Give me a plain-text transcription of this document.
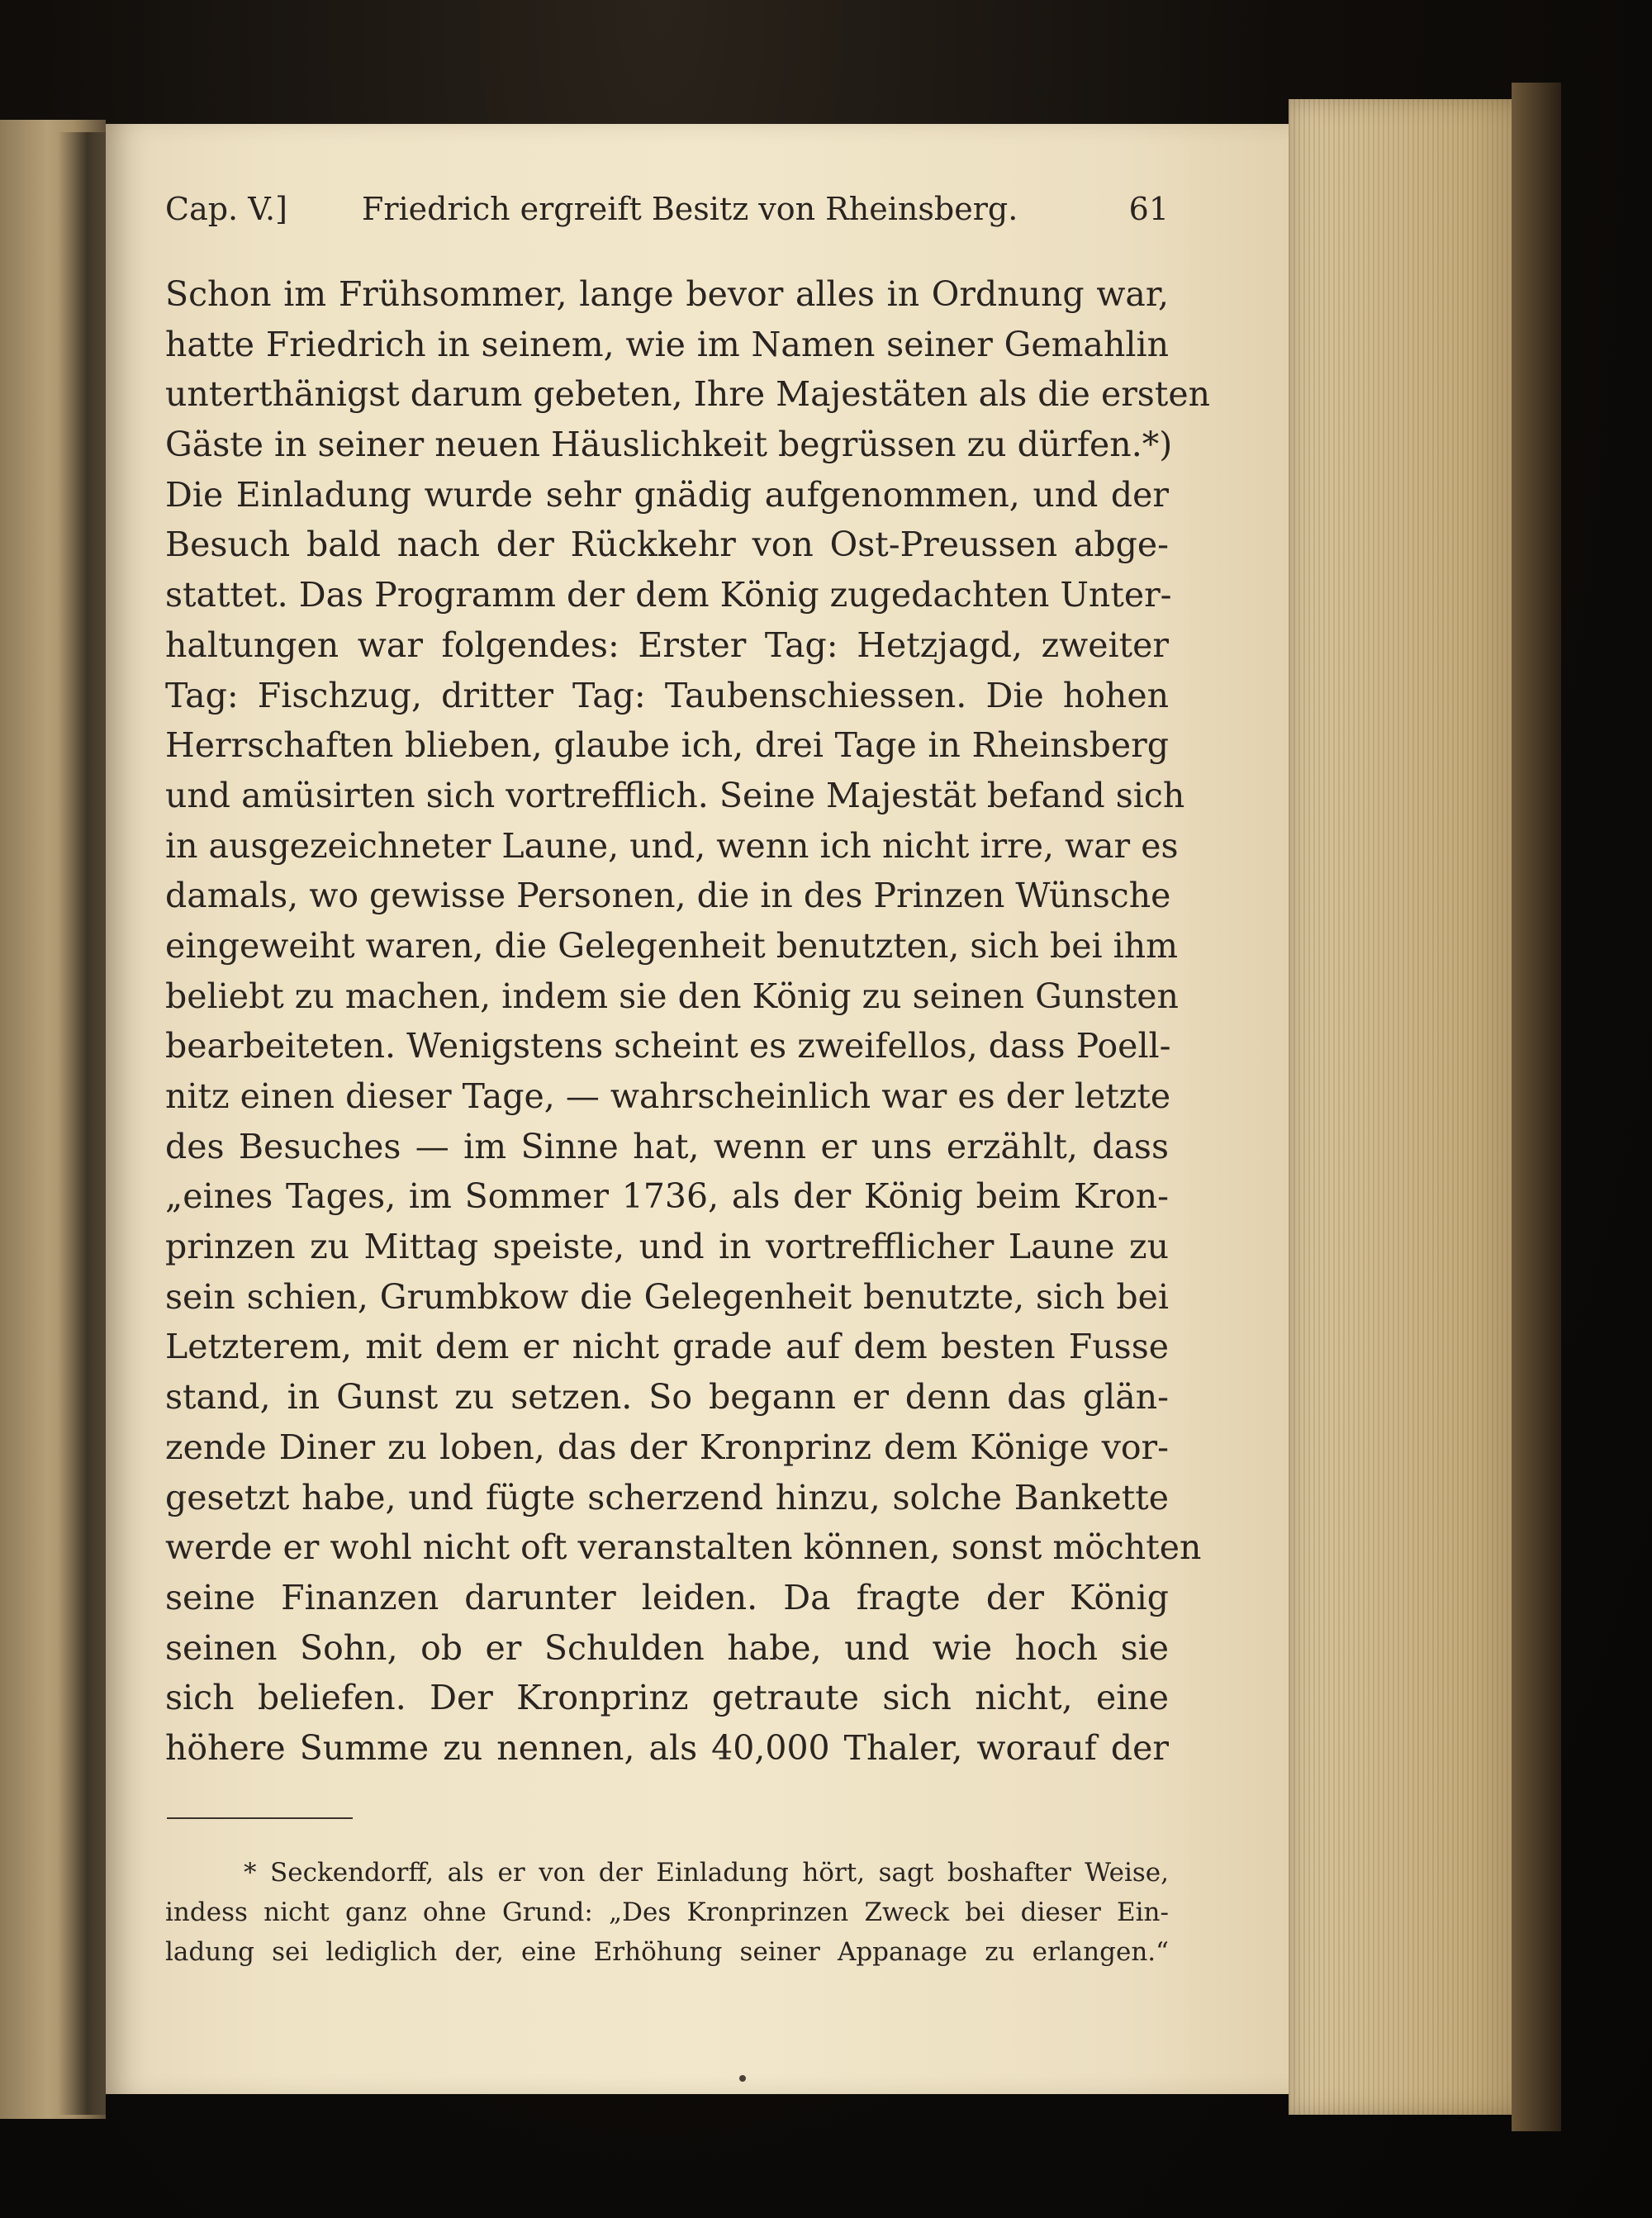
Cap. V.] Friedrich ergreift Besitz von Rheinsberg.	61
Schon im Frühsommer, lange bevor alles in Ordnung war,
hatte Friedrich in seinem, wie im Namen seiner Gemahlin
unterthänigst darum gebeten, Ihre Majestäten als die ersten
Gäste in seiner neuen Häuslichkeit begrüssen zu dürfen.*)
Die Einladung wurde sehr gnädig aufgenommen, und der
Besuch bald nach der Rückkehr von Ost-Preussen abge-
stattet. Das Programm der dem König zugedachten Unter-
haltungen war folgendes: Erster Tag: Hetzjagd, zweiter
Tag: Fischzug, dritter Tag: Taubenschiessen. Die hohen
Herrschaften blieben, glaube ich, drei Tage in Rheinsberg
und amüsirten sich vortrefflich. Seine Majestät befand sich
in ausgezeichneter Laune, und, wenn ich nicht irre, war es
damals, wo gewisse Personen, die in des Prinzen Wünsche
eingeweiht waren, die Gelegenheit benutzten, sich bei ihm
beliebt zu machen, indem sie den König zu seinen Gunsten
bearbeiteten. Wenigstens scheint es zweifellos, dass Poell-
nitz einen dieser Tage, — wahrscheinlich war es der letzte
des Besuches — im Sinne hat, wenn er uns erzählt, dass
„eines Tages, im Sommer 1736, als der König beim Kron-
prinzen zu Mittag speiste, und in vortrefflicher Laune zu
sein schien, Grumbkow die Gelegenheit benutzte, sich bei
Letzterem, mit dem er nicht grade auf dem besten Fusse
stand, in Gunst zu setzen. So begann er denn das glän-
zende Diner zu loben, das der Kronprinz dem Könige vor-
gesetzt habe, und fügte scherzend hinzu, solche Bankette
werde er wohl nicht oft veranstalten können, sonst möchten
seine Finanzen darunter leiden. Da fragte der König
seinen Sohn, ob er Schulden habe, und wie hoch sie
sich beliefen. Der Kronprinz getraute sich nicht, eine
höhere Summe zu nennen, als 40,000 Thaler, worauf der
* Seckendorff, als er von der Einladung hört, sagt boshafter Weise,
indess nicht ganz ohne Grund: „Des Kronprinzen Zweck bei dieser Ein-
ladung sei lediglich der, eine Erhöhung seiner Appanage zu erlangen.“
